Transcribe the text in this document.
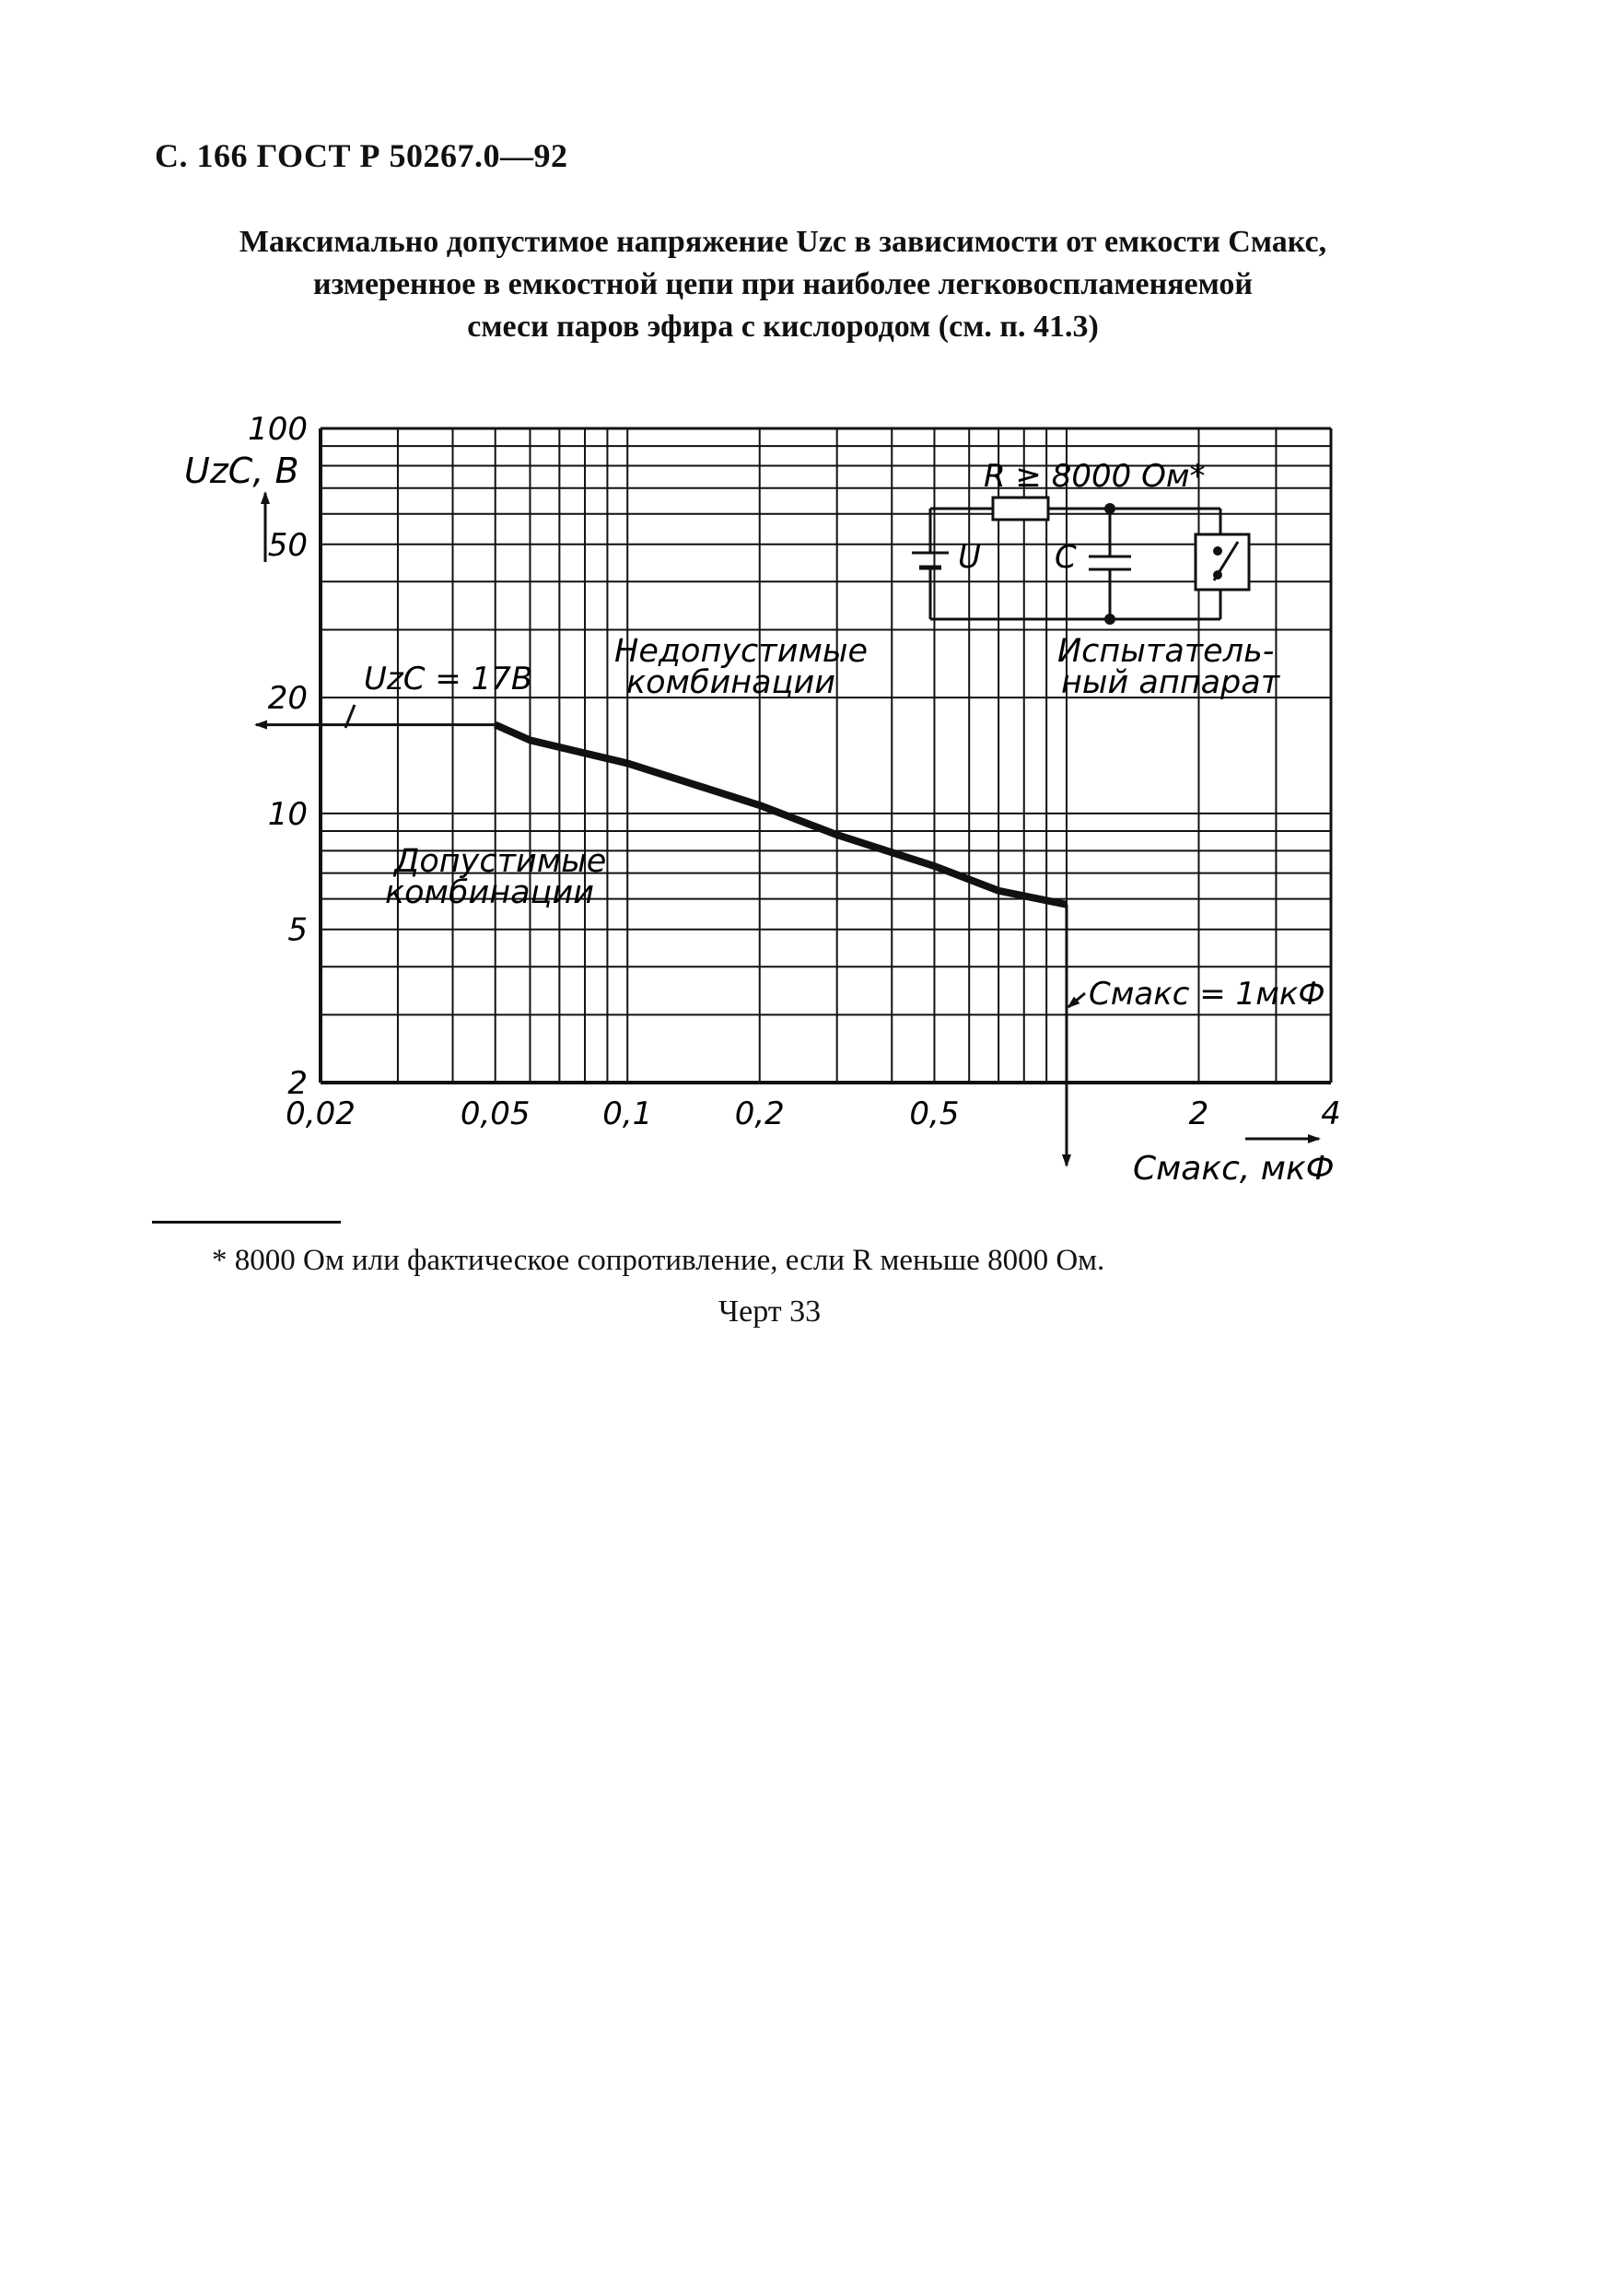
С. 166 ГОСТ Р 50267.0—92
Максимально допустимое напряжение Uzc в зависимости от емкости Cмакс,
измеренное в емкостной цепи при наиболее легковоспламеняемой
смеси паров эфира с кислородом (см. п. 41.3)
0,02	0,05 0,1	0,2	0,5	2	4
2
5
10
20
50
100
R ≥ 8000 Ом*
U C
Испытатель-
ный аппарат
Недопустимые
комбинации
Допустимые
комбинации
UzC = 17В
Cмакс = 1мкФ
UzC, В
Cмакс, мкФ
* 8000 Ом или фактическое сопротивление, если R меньше 8000 Ом.
Черт 33
